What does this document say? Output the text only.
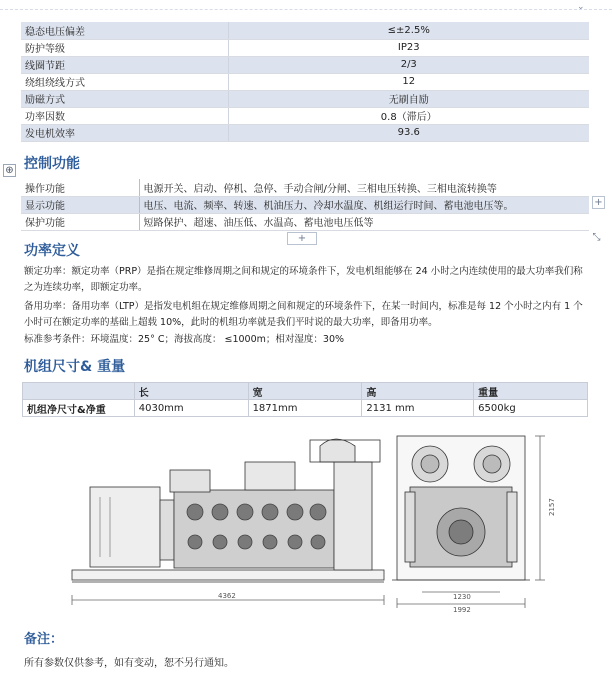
⌄
稳态电压偏差	≤±2.5%
防护等级	IP23
线圈节距	2/3
绕组绕线方式	12
励磁方式	无刷自励
功率因数	0.8（滞后）
发电机效率	93.6
控制功能
⊕
操作功能	电源开关、启动、停机、急停、手动合闸/分闸、三相电压转换、三相电流转换等
显示功能	电压、电流、频率、转速、机油压力、冷却水温度、机组运行时间、蓄电池电压等。
保护功能	短路保护、超速、油压低、水温高、蓄电池电压低等
+
+	⤡
功率定义
额定功率：额定功率（PRP）是指在规定维修周期之间和规定的环境条件下，发电机组能够在 24 小时之内连续使用的最大功率我们称之为连续功率，即额定功率。
备用功率：备用功率（LTP）是指发电机组在规定维修周期之间和规定的环境条件下，在某一时间内，标准是每 12 个小时之内有 1 个小时可在额定功率的基础上超载 10%，此时的机组功率就是我们平时说的最大功率，即备用功率。
标准参考条件：环境温度：25° C；海拔高度： ≤1000m；相对湿度：30%
机组尺寸& 重量
	长	宽	高	重量
机组净尺寸&净重	4030mm	1871mm	2131 mm	6500kg
4362
2157
1230
1992
备注：
所有参数仅供参考，如有变动，恕不另行通知。
